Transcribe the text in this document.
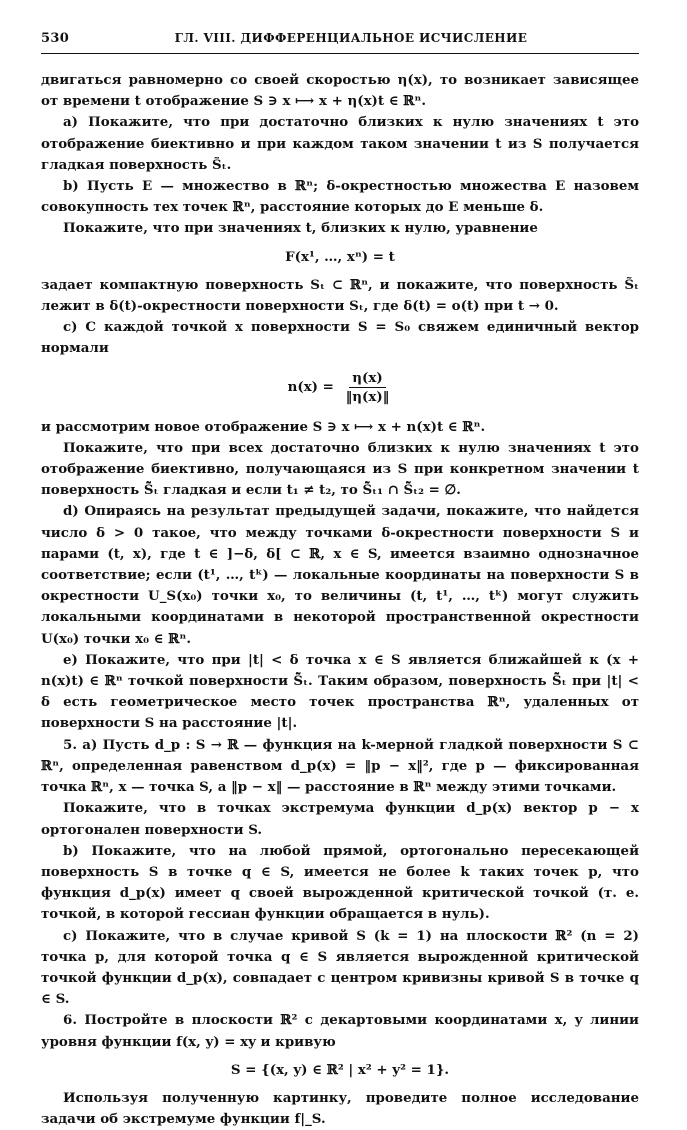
530	ГЛ. VIII. ДИФФЕРЕНЦИАЛЬНОЕ ИСЧИСЛЕНИЕ

двигаться равномерно со своей скоростью η(x), то возникает зависящее от времени t отображение S ∋ x ⟼ x + η(x)t ∈ ℝⁿ.

a) Покажите, что при достаточно близких к нулю значениях t это отображение биективно и при каждом таком значении t из S получается гладкая поверхность S̃ₜ.

b) Пусть E — множество в ℝⁿ; δ-окрестностью множества E назовем совокупность тех точек ℝⁿ, расстояние которых до E меньше δ.

Покажите, что при значениях t, близких к нулю, уравнение

F(x¹, …, xⁿ) = t

задает компактную поверхность Sₜ ⊂ ℝⁿ, и покажите, что поверхность S̃ₜ лежит в δ(t)-окрестности поверхности Sₜ, где δ(t) = o(t) при t → 0.

c) С каждой точкой x поверхности S = S₀ свяжем единичный вектор нормали

$n(x) = \frac{\eta(x)}{‖\eta(x)‖}$

и рассмотрим новое отображение S ∋ x ⟼ x + n(x)t ∈ ℝⁿ.

Покажите, что при всех достаточно близких к нулю значениях t это отображение биективно, получающаяся из S при конкретном значении t поверхность S̃̃ₜ гладкая и если t₁ ≠ t₂, то S̃̃ₜ₁ ∩ S̃̃ₜ₂ = ∅.

d) Опираясь на результат предыдущей задачи, покажите, что найдется число δ > 0 такое, что между точками δ-окрестности поверхности S и парами (t, x), где t ∈ ]−δ, δ[ ⊂ ℝ, x ∈ S, имеется взаимно однозначное соответствие; если (t¹, …, tᵏ) — локальные координаты на поверхности S в окрестности U_S(x₀) точки x₀, то величины (t, t¹, …, tᵏ) могут служить локальными координатами в некоторой пространственной окрестности U(x₀) точки x₀ ∈ ℝⁿ.

e) Покажите, что при |t| < δ точка x ∈ S является ближайшей к (x + n(x)t) ∈ ℝⁿ точкой поверхности S̃̃ₜ. Таким образом, поверхность S̃̃ₜ при |t| < δ есть геометрическое место точек пространства ℝⁿ, удаленных от поверхности S на расстояние |t|.

5. a) Пусть d_p : S → ℝ — функция на k-мерной гладкой поверхности S ⊂ ℝⁿ, определенная равенством d_p(x) = ‖p − x‖², где p — фиксированная точка ℝⁿ, x — точка S, а ‖p − x‖ — расстояние в ℝⁿ между этими точками.

Покажите, что в точках экстремума функции d_p(x) вектор p − x ортогонален поверхности S.

b) Покажите, что на любой прямой, ортогонально пересекающей поверхность S в точке q ∈ S, имеется не более k таких точек p, что функция d_p(x) имеет q своей вырожденной критической точкой (т. е. точкой, в которой гессиан функции обращается в нуль).

c) Покажите, что в случае кривой S (k = 1) на плоскости ℝ² (n = 2) точка p, для которой точка q ∈ S является вырожденной критической точкой функции d_p(x), совпадает с центром кривизны кривой S в точке q ∈ S.

6. Постройте в плоскости ℝ² с декартовыми координатами x, y линии уровня функции f(x, y) = xy и кривую

S = {(x, y) ∈ ℝ² | x² + y² = 1}.

Используя полученную картинку, проведите полное исследование задачи об экстремуме функции f|_S.
